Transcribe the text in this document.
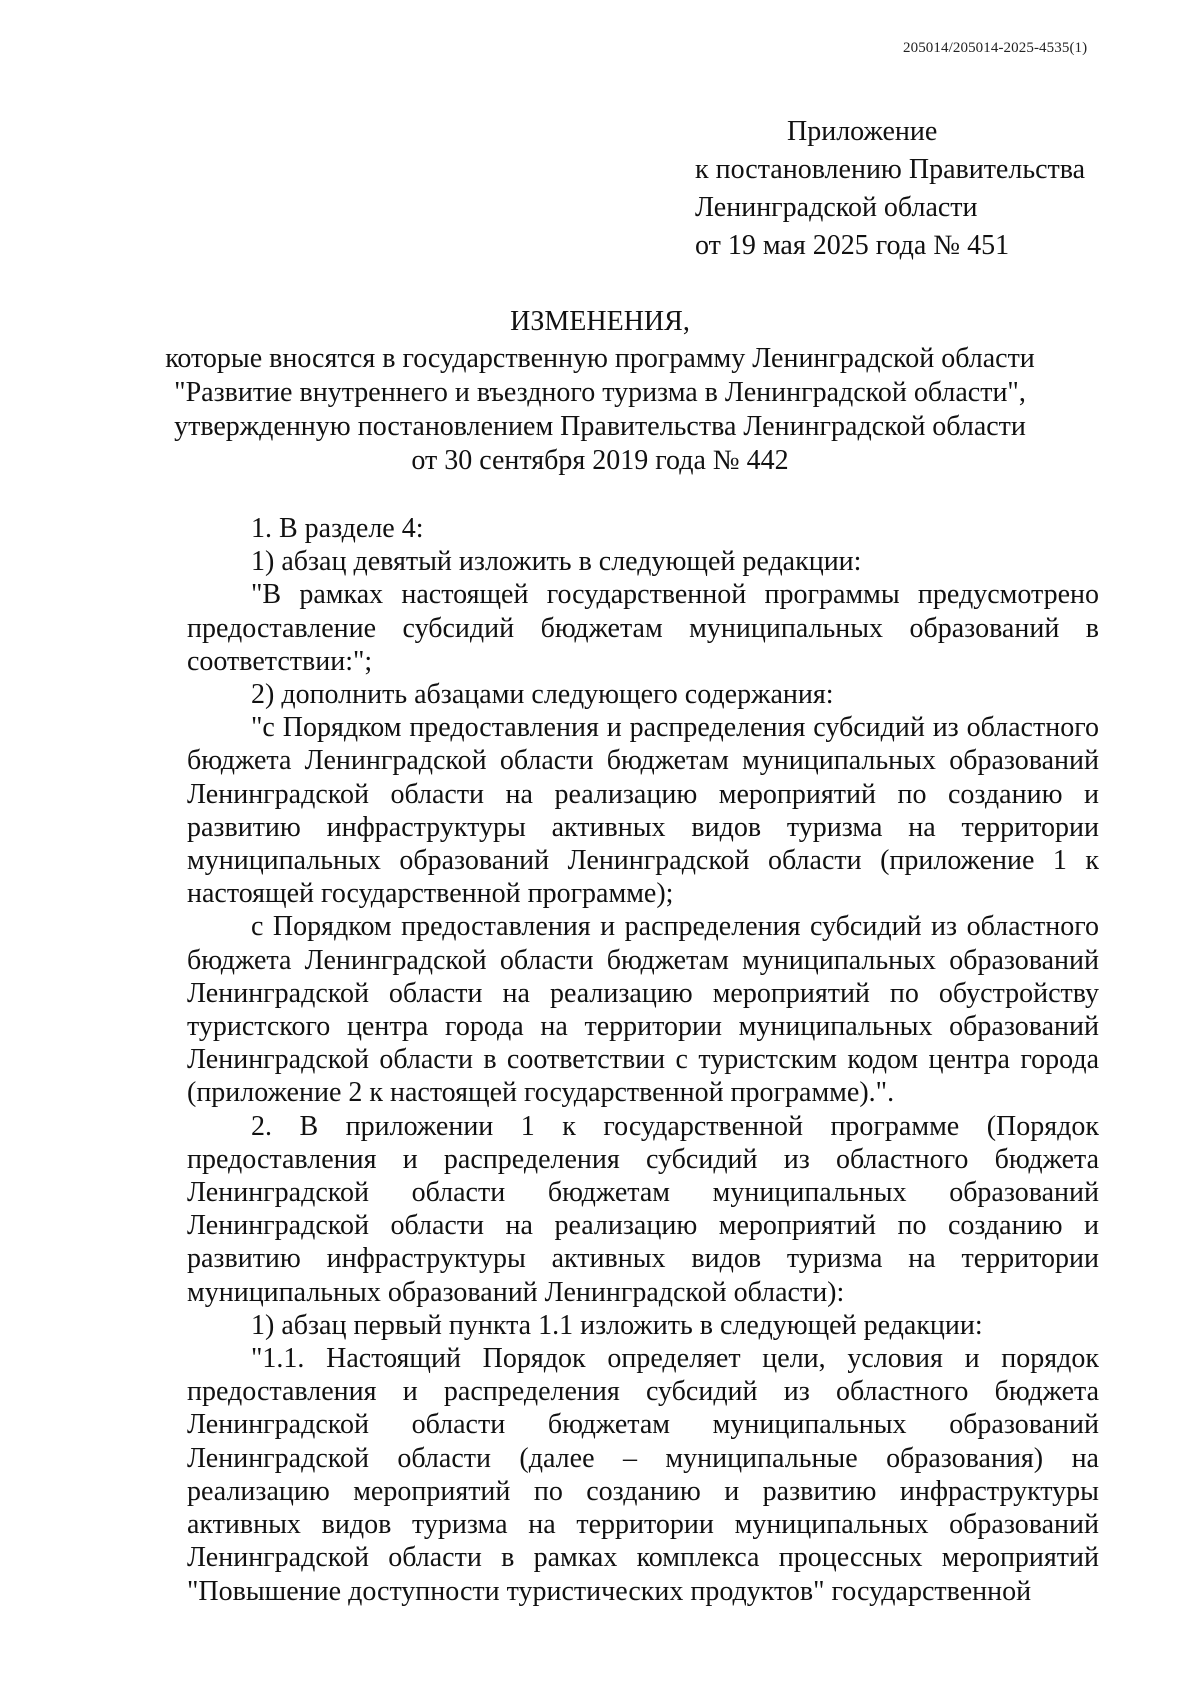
205014/205014-2025-4535(1)
Приложение
к постановлению Правительства
Ленинградской области
от 19 мая 2025 года № 451
ИЗМЕНЕНИЯ,
которые вносятся в государственную программу Ленинградской области
"Развитие внутреннего и въездного туризма в Ленинградской области",
утвержденную постановлением Правительства Ленинградской области
от 30 сентября 2019 года № 442

1. В разделе 4:

1) абзац девятый изложить в следующей редакции:

"В рамках настоящей государственной программы предусмотрено предоставление субсидий бюджетам муниципальных образований в соответствии:";

2) дополнить абзацами следующего содержания:

"с Порядком предоставления и распределения субсидий из областного бюджета Ленинградской области бюджетам муниципальных образований Ленинградской области на реализацию мероприятий по созданию и развитию инфраструктуры активных видов туризма на территории муниципальных образований Ленинградской области (приложение 1 к настоящей государственной программе);

с Порядком предоставления и распределения субсидий из областного бюджета Ленинградской области бюджетам муниципальных образований Ленинградской области на реализацию мероприятий по обустройству туристского центра города на территории муниципальных образований Ленинградской области в соответствии с туристским кодом центра города (приложение 2 к настоящей государственной программе).".

2. В приложении 1 к государственной программе (Порядок предоставления и распределения субсидий из областного бюджета Ленинградской области бюджетам муниципальных образований Ленинградской области на реализацию мероприятий по созданию и развитию инфраструктуры активных видов туризма на территории муниципальных образований Ленинградской области):

1) абзац первый пункта 1.1 изложить в следующей редакции:

"1.1. Настоящий Порядок определяет цели, условия и порядок предоставления и распределения субсидий из областного бюджета Ленинградской области бюджетам муниципальных образований Ленинградской области (далее – муниципальные образования) на реализацию мероприятий по созданию и развитию инфраструктуры активных видов туризма на территории муниципальных образований Ленинградской области в рамках комплекса процессных мероприятий "Повышение доступности туристических продуктов" государственной
